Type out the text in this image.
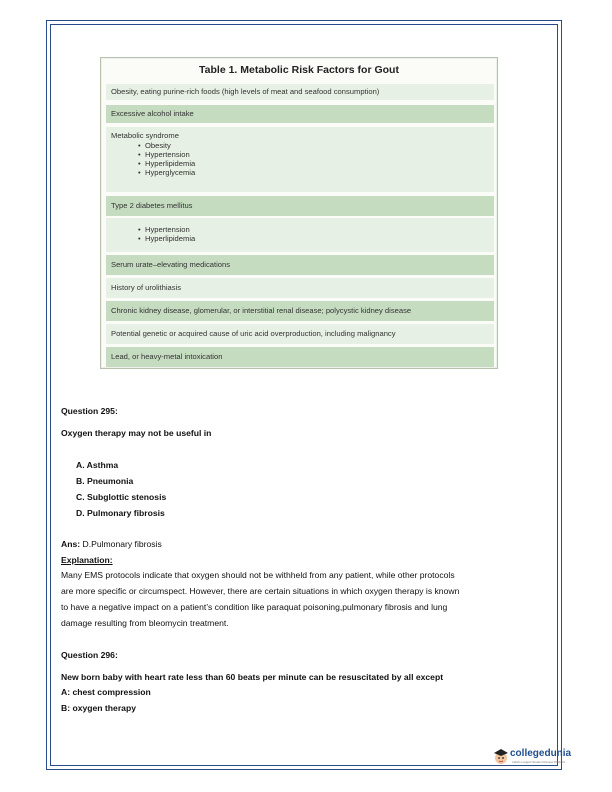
Table 1. Metabolic Risk Factors for Gout
Obesity, eating purine-rich foods (high levels of meat and seafood consumption)
Excessive alcohol intake
Metabolic syndrome
• Obesity
• Hypertension
• Hyperlipidemia
• Hyperglycemia
Type 2 diabetes mellitus
• Hypertension
• Hyperlipidemia
Serum urate–elevating medications
History of urolithiasis
Chronic kidney disease, glomerular, or interstitial renal disease; polycystic kidney disease
Potential genetic or acquired cause of uric acid overproduction, including malignancy
Lead, or heavy-metal intoxication
Question 295:
Oxygen therapy may not be useful in
A. Asthma
B. Pneumonia
C. Subglottic stenosis
D. Pulmonary fibrosis
Ans: D.Pulmonary fibrosis
Explanation:
Many EMS protocols indicate that oxygen should not be withheld from any patient, while other protocols
are more specific or circumspect. However, there are certain situations in which oxygen therapy is known
to have a negative impact on a patient’s condition like paraquat poisoning,pulmonary fibrosis and lung
damage resulting from bleomycin treatment.
Question 296:
New born baby with heart rate less than 60 beats per minute can be resuscitated by all except
A: chest compression
B: oxygen therapy
collegedunia
India's Largest Student Review Platform
